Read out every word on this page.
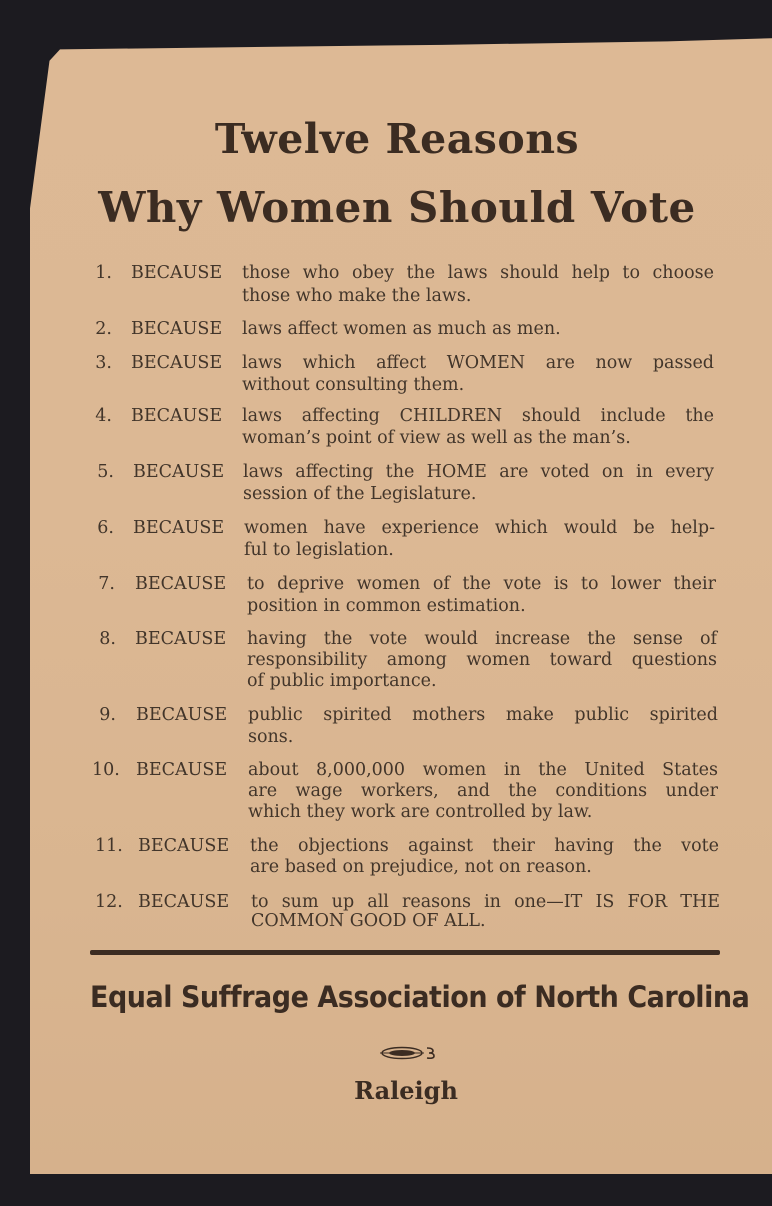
Twelve Reasons
Why Women Should Vote
1. BECAUSE those who obey the laws should help to choose
those who make the laws.
2. BECAUSE laws affect women as much as men.
3. BECAUSE laws which affect WOMEN are now passed
without consulting them.
4. BECAUSE laws affecting CHILDREN should include the
woman’s point of view as well as the man’s.
5. BECAUSE laws affecting the HOME are voted on in every
session of the Legislature.
6. BECAUSE women have experience which would be help-
ful to legislation.
7. BECAUSE to deprive women of the vote is to lower their
position in common estimation.
8. BECAUSE having the vote would increase the sense of
responsibility among women toward questions
of public importance.
9. BECAUSE public spirited mothers make public spirited
sons.
10. BECAUSE about 8,000,000 women in the United States
are wage workers, and the conditions under
which they work are controlled by law.
11. BECAUSE the objections against their having the vote
are based on prejudice, not on reason.
12. BECAUSE to sum up all reasons in one—IT IS FOR THE
COMMON GOOD OF ALL.
Equal Suffrage Association of North Carolina
Raleigh
